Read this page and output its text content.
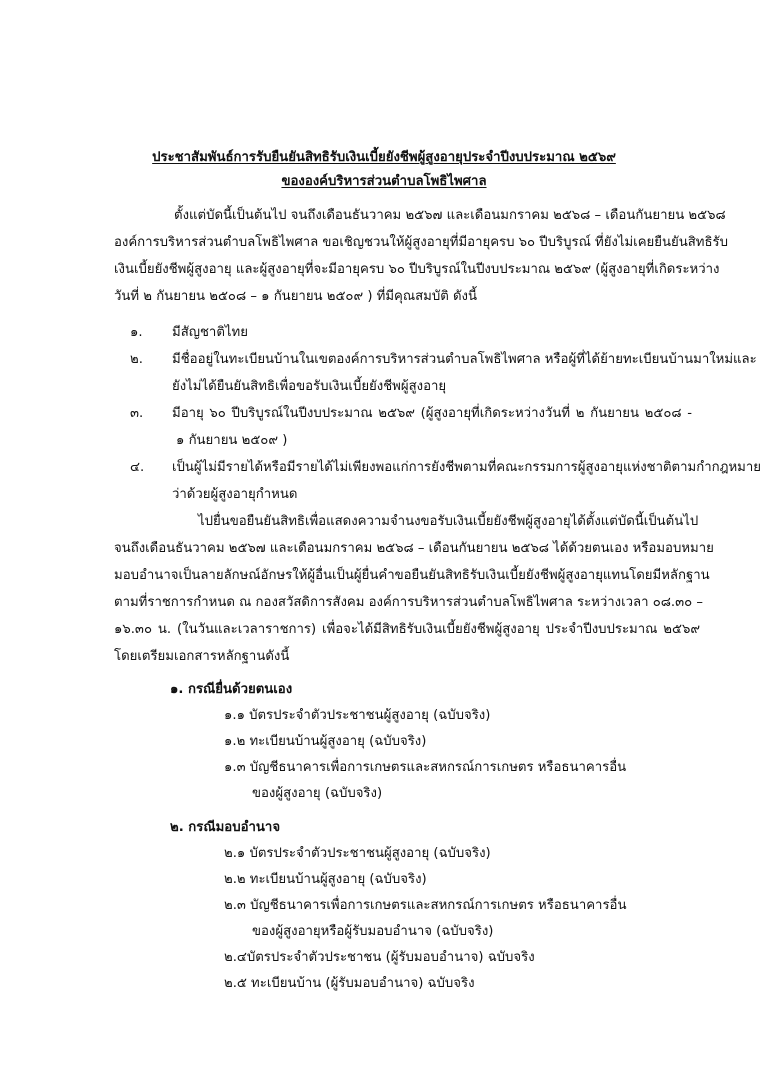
ประชาสัมพันธ์การรับยืนยันสิทธิรับเงินเบี้ยยังชีพผู้สูงอายุประจำปีงบประมาณ ๒๕๖๙
ขององค์บริหารส่วนตำบลโพธิไพศาล
ตั้งแต่บัดนี้เป็นต้นไป จนถึงเดือนธันวาคม ๒๕๖๗ และเดือนมกราคม ๒๕๖๘ – เดือนกันยายน ๒๕๖๘
องค์การบริหารส่วนตำบลโพธิไพศาล ขอเชิญชวนให้ผู้สูงอายุที่มีอายุครบ ๖๐ ปีบริบูรณ์ ที่ยังไม่เคยยืนยันสิทธิรับ
เงินเบี้ยยังชีพผู้สูงอายุ และผู้สูงอายุที่จะมีอายุครบ ๖๐ ปีบริบูรณ์ในปีงบประมาณ ๒๕๖๙ (ผู้สูงอายุที่เกิดระหว่าง
วันที่ ๒ กันยายน ๒๕๐๘ – ๑ กันยายน ๒๕๐๙ ) ที่มีคุณสมบัติ ดังนี้
๑. มีสัญชาติไทย
๒. มีชื่ออยู่ในทะเบียนบ้านในเขตองค์การบริหารส่วนตำบลโพธิไพศาล หรือผู้ที่ได้ย้ายทะเบียนบ้านมาใหม่และ
ยังไม่ได้ยืนยันสิทธิเพื่อขอรับเงินเบี้ยยังชีพผู้สูงอายุ
๓. มีอายุ ๖๐ ปีบริบูรณ์ในปีงบประมาณ ๒๕๖๙ (ผู้สูงอายุที่เกิดระหว่างวันที่ ๒ กันยายน ๒๕๐๘ -
๑ กันยายน ๒๕๐๙ )
๔. เป็นผู้ไม่มีรายได้หรือมีรายได้ไม่เพียงพอแก่การยังชีพตามที่คณะกรรมการผู้สูงอายุแห่งชาติตามกำกฎหมาย
ว่าด้วยผู้สูงอายุกำหนด
ไปยื่นขอยืนยันสิทธิเพื่อแสดงความจำนงขอรับเงินเบี้ยยังชีพผู้สูงอายุได้ตั้งแต่บัดนี้เป็นต้นไป
จนถึงเดือนธันวาคม ๒๕๖๗ และเดือนมกราคม ๒๕๖๘ – เดือนกันยายน ๒๕๖๘ ได้ด้วยตนเอง หรือมอบหมาย
มอบอำนาจเป็นลายลักษณ์อักษรให้ผู้อื่นเป็นผู้ยื่นคำขอยืนยันสิทธิรับเงินเบี้ยยังชีพผู้สูงอายุแทนโดยมีหลักฐาน
ตามที่ราชการกำหนด ณ กองสวัสดิการสังคม องค์การบริหารส่วนตำบลโพธิไพศาล ระหว่างเวลา ๐๘.๓๐ –
๑๖.๓๐ น. (ในวันและเวลาราชการ) เพื่อจะได้มีสิทธิรับเงินเบี้ยยังชีพผู้สูงอายุ ประจำปีงบประมาณ ๒๕๖๙
โดยเตรียมเอกสารหลักฐานดังนี้
๑. กรณียื่นด้วยตนเอง
๑.๑ บัตรประจำตัวประชาชนผู้สูงอายุ (ฉบับจริง)
๑.๒ ทะเบียนบ้านผู้สูงอายุ (ฉบับจริง)
๑.๓ บัญชีธนาคารเพื่อการเกษตรและสหกรณ์การเกษตร หรือธนาคารอื่น
ของผู้สูงอายุ (ฉบับจริง)
๒. กรณีมอบอำนาจ
๒.๑ บัตรประจำตัวประชาชนผู้สูงอายุ (ฉบับจริง)
๒.๒ ทะเบียนบ้านผู้สูงอายุ (ฉบับจริง)
๒.๓ บัญชีธนาคารเพื่อการเกษตรและสหกรณ์การเกษตร หรือธนาคารอื่น
ของผู้สูงอายุหรือผู้รับมอบอำนาจ (ฉบับจริง)
๒.๔บัตรประจำตัวประชาชน (ผู้รับมอบอำนาจ) ฉบับจริง
๒.๕ ทะเบียนบ้าน (ผู้รับมอบอำนาจ) ฉบับจริง
